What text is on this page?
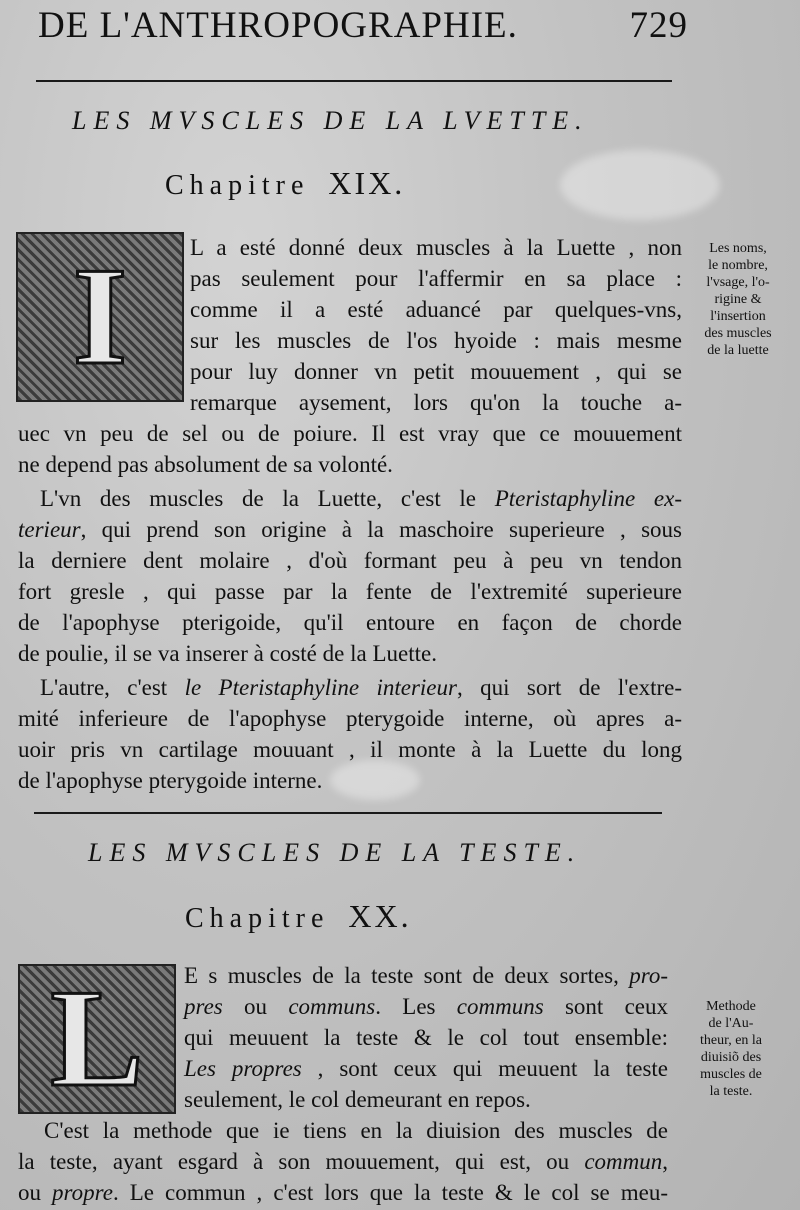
DE L'ANTHROPOGRAPHIE.	729
LES MVSCLES DE LA LVETTE.
Chapitre XIX.
I	L a esté donné deux muscles à la Luette , non
pas seulement pour l'affermir en sa place :
comme il a esté aduancé par quelques-vns,
sur les muscles de l'os hyoide : mais mesme
pour luy donner vn petit mouuement , qui se
remarque aysement, lors qu'on la touche a-
uec vn peu de sel ou de poiure. Il est vray que ce mouuement
ne depend pas absolument de sa volonté.
L'vn des muscles de la Luette, c'est le Pteristaphyline ex-
terieur, qui prend son origine à la maschoire superieure , sous
la derniere dent molaire , d'où formant peu à peu vn tendon
fort gresle , qui passe par la fente de l'extremité superieure
de l'apophyse pterigoide, qu'il entoure en façon de chorde
de poulie, il se va inserer à costé de la Luette.
L'autre, c'est le Pteristaphyline interieur, qui sort de l'extre-
mité inferieure de l'apophyse pterygoide interne, où apres a-
uoir pris vn cartilage mouuant , il monte à la Luette du long
de l'apophyse pterygoide interne.
Les noms,
le nombre,
l'vsage, l'o-
rigine &
l'insertion
des muscles
de la luette
LES MVSCLES DE LA TESTE.
Chapitre XX.
L E s muscles de la teste sont de deux sortes, pro-
pres ou communs. Les communs sont ceux
qui meuuent la teste & le col tout ensemble:
Les propres , sont ceux qui meuuent la teste
seulement, le col demeurant en repos.
C'est la methode que ie tiens en la diuision des muscles de
la teste, ayant esgard à son mouuement, qui est, ou commun,
ou propre. Le commun , c'est lors que la teste & le col se meu-
Methode
de l'Au-
theur, en la
diuisiõ des
muscles de
la teste.
